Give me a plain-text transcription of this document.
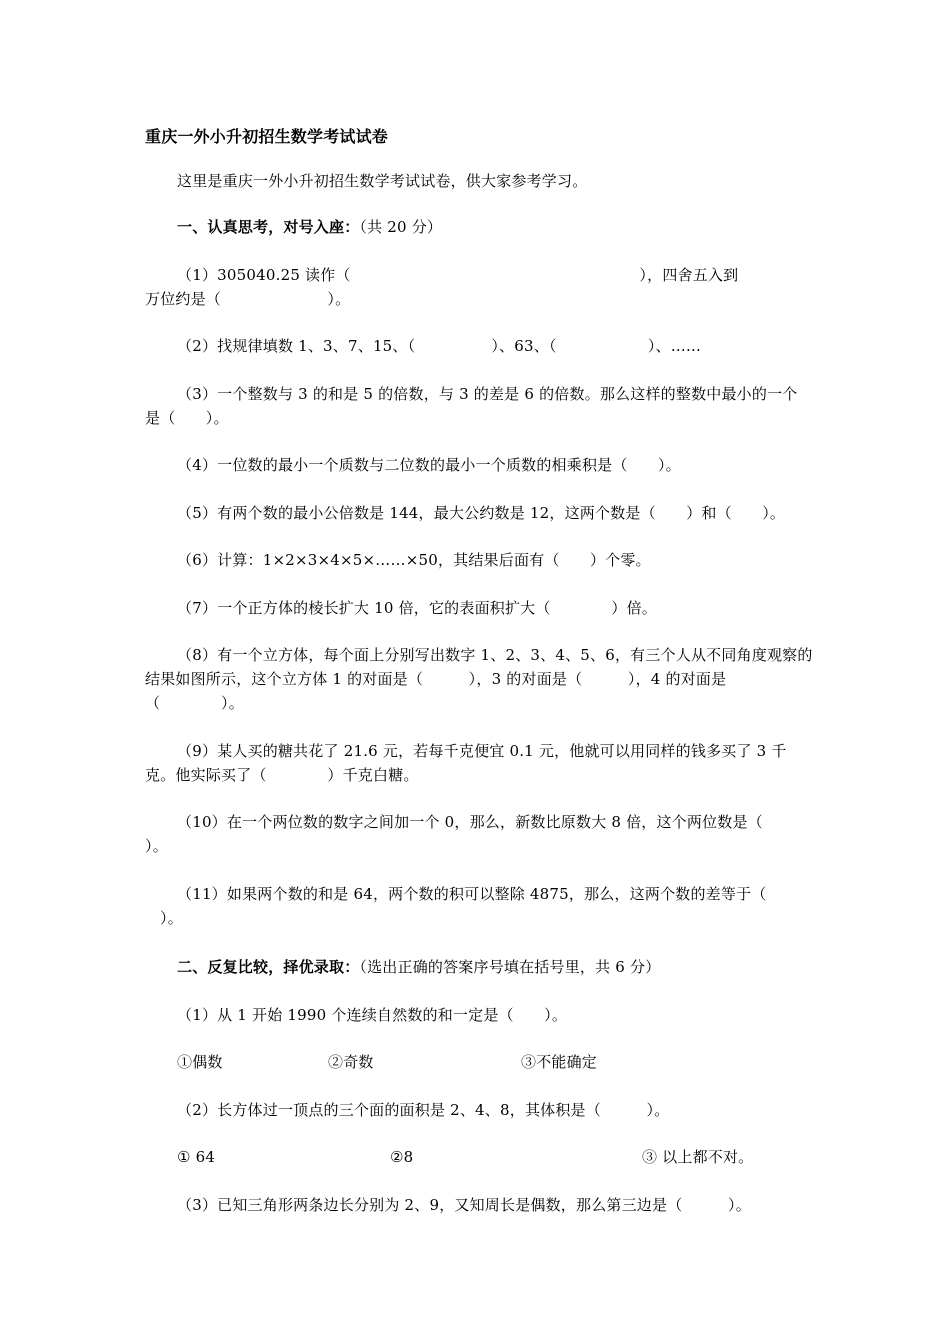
重庆一外小升初招生数学考试试卷
这里是重庆一外小升初招生数学考试试卷，供大家参考学习。
一、认真思考，对号入座：（共 20 分）
（1）305040.25 读作（　　　　　　　　　　　　　　　　　　　），四舍五入到
万位约是（　　　　　　　）。
（2）找规律填数 1、3、7、15、（　　　　　）、63、（　　　　　　）、……
（3）一个整数与 3 的和是 5 的倍数，与 3 的差是 6 的倍数。那么这样的整数中最小的一个
是（　　）。
（4）一位数的最小一个质数与二位数的最小一个质数的相乘积是（　　）。
（5）有两个数的最小公倍数是 144，最大公约数是 12，这两个数是（　　）和（　　）。
（6）计算：1×2×3×4×5×……×50，其结果后面有（　　）个零。
（7）一个正方体的棱长扩大 10 倍，它的表面积扩大（　　　　）倍。
（8）有一个立方体，每个面上分别写出数字 1、2、3、4、5、6，有三个人从不同角度观察的
结果如图所示，这个立方体 1 的对面是（　　　），3 的对面是（　　　），4 的对面是
（　　　　）。
（9）某人买的糖共花了 21.6 元，若每千克便宜 0.1 元，他就可以用同样的钱多买了 3 千
克。他实际买了（　　　　）千克白糖。
（10）在一个两位数的数字之间加一个 0，那么，新数比原数大 8 倍，这个两位数是（
）。
（11）如果两个数的和是 64，两个数的积可以整除 4875，那么，这两个数的差等于（
）。
二、反复比较，择优录取：（选出正确的答案序号填在括号里，共 6 分）
（1）从 1 开始 1990 个连续自然数的和一定是（　　）。
①偶数	②奇数	③不能确定
（2）长方体过一顶点的三个面的面积是 2、4、8，其体积是（　　　）。
① 64	②8	③ 以上都不对。
（3）已知三角形两条边长分别为 2、9，又知周长是偶数，那么第三边是（　　　）。
